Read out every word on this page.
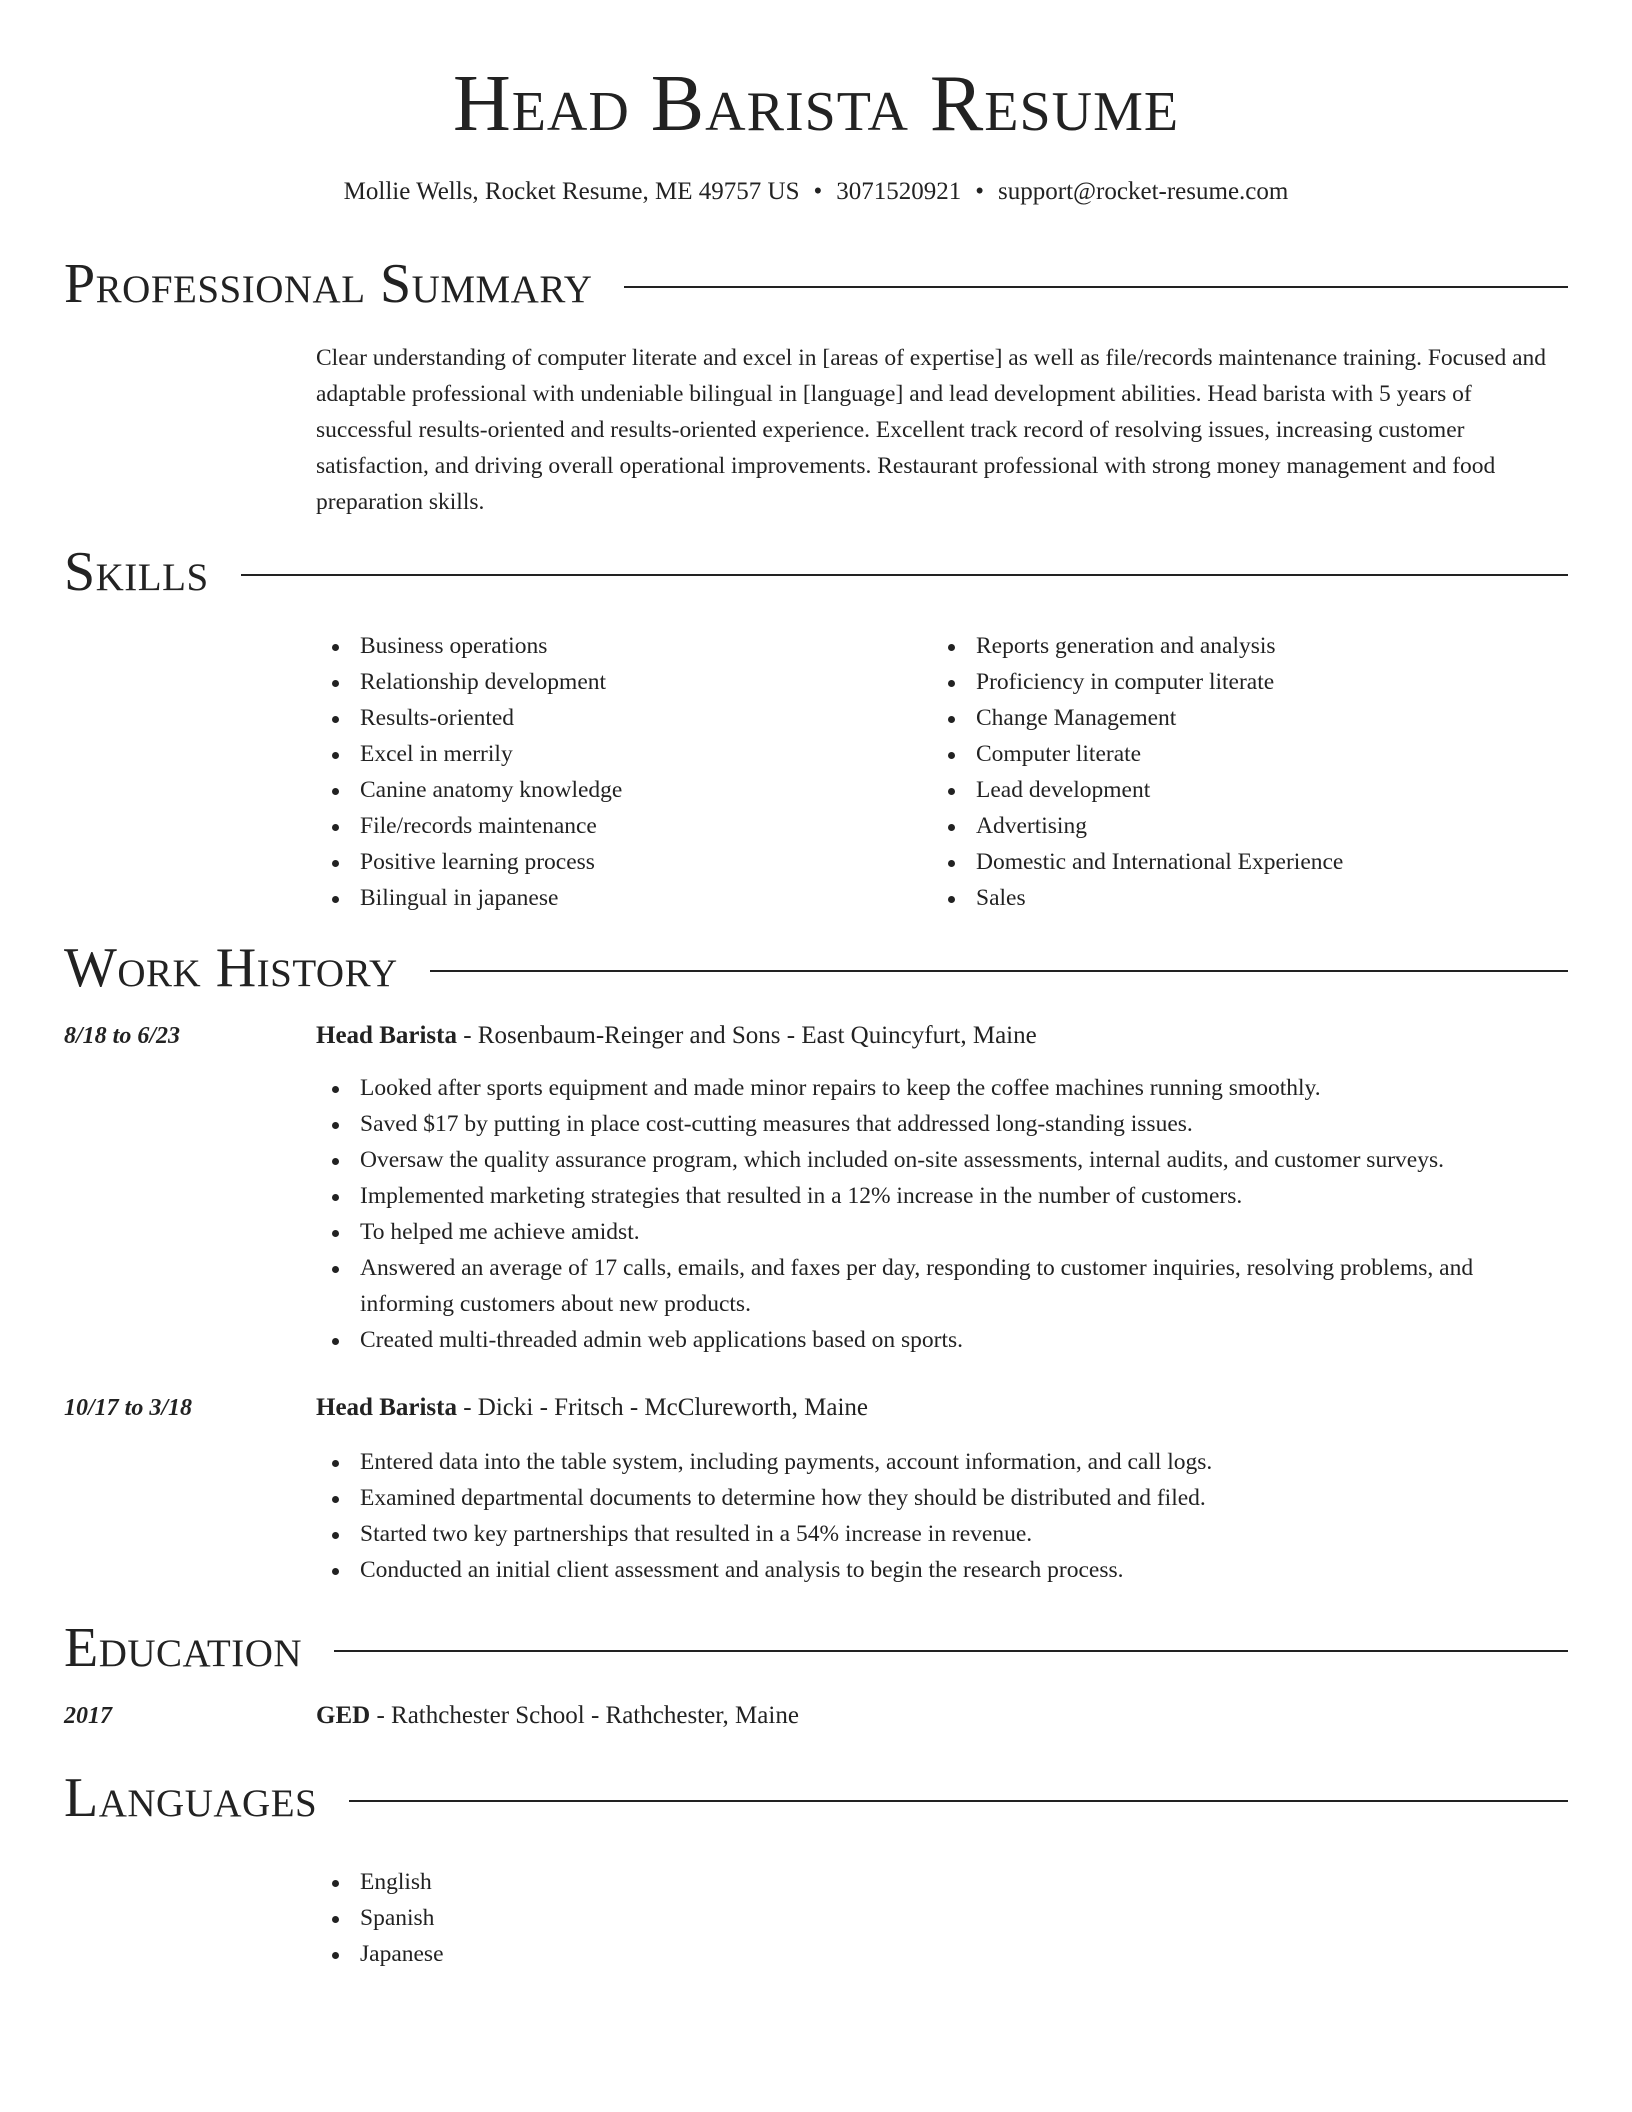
Head Barista Resume
Mollie Wells, Rocket Resume, ME 49757 US • 3071520921 • support@rocket-resume.com
Professional Summary

Clear understanding of computer literate and excel in [areas of expertise] as well as file/records maintenance training. Focused and adaptable professional with undeniable bilingual in [language] and lead development abilities. Head barista with 5 years of successful results-oriented and results-oriented experience. Excellent track record of resolving issues, increasing customer satisfaction, and driving overall operational improvements. Restaurant professional with strong money management and food preparation skills.

Skills
Business operations
Relationship development
Results-oriented
Excel in merrily
Canine anatomy knowledge
File/records maintenance
Positive learning process
Bilingual in japanese
Reports generation and analysis
Proficiency in computer literate
Change Management
Computer literate
Lead development
Advertising
Domestic and International Experience
Sales
Work History
8/18 to 6/23	Head Barista - Rosenbaum-Reinger and Sons - East Quincyfurt, Maine
Looked after sports equipment and made minor repairs to keep the coffee machines running smoothly.
Saved $17 by putting in place cost-cutting measures that addressed long-standing issues.
Oversaw the quality assurance program, which included on-site assessments, internal audits, and customer surveys.
Implemented marketing strategies that resulted in a 12% increase in the number of customers.
To helped me achieve amidst.
Answered an average of 17 calls, emails, and faxes per day, responding to customer inquiries, resolving problems, and informing customers about new products.
Created multi-threaded admin web applications based on sports.
10/17 to 3/18	Head Barista - Dicki - Fritsch - McClureworth, Maine
Entered data into the table system, including payments, account information, and call logs.
Examined departmental documents to determine how they should be distributed and filed.
Started two key partnerships that resulted in a 54% increase in revenue.
Conducted an initial client assessment and analysis to begin the research process.
Education
2017	GED - Rathchester School - Rathchester, Maine
Languages
English
Spanish
Japanese
